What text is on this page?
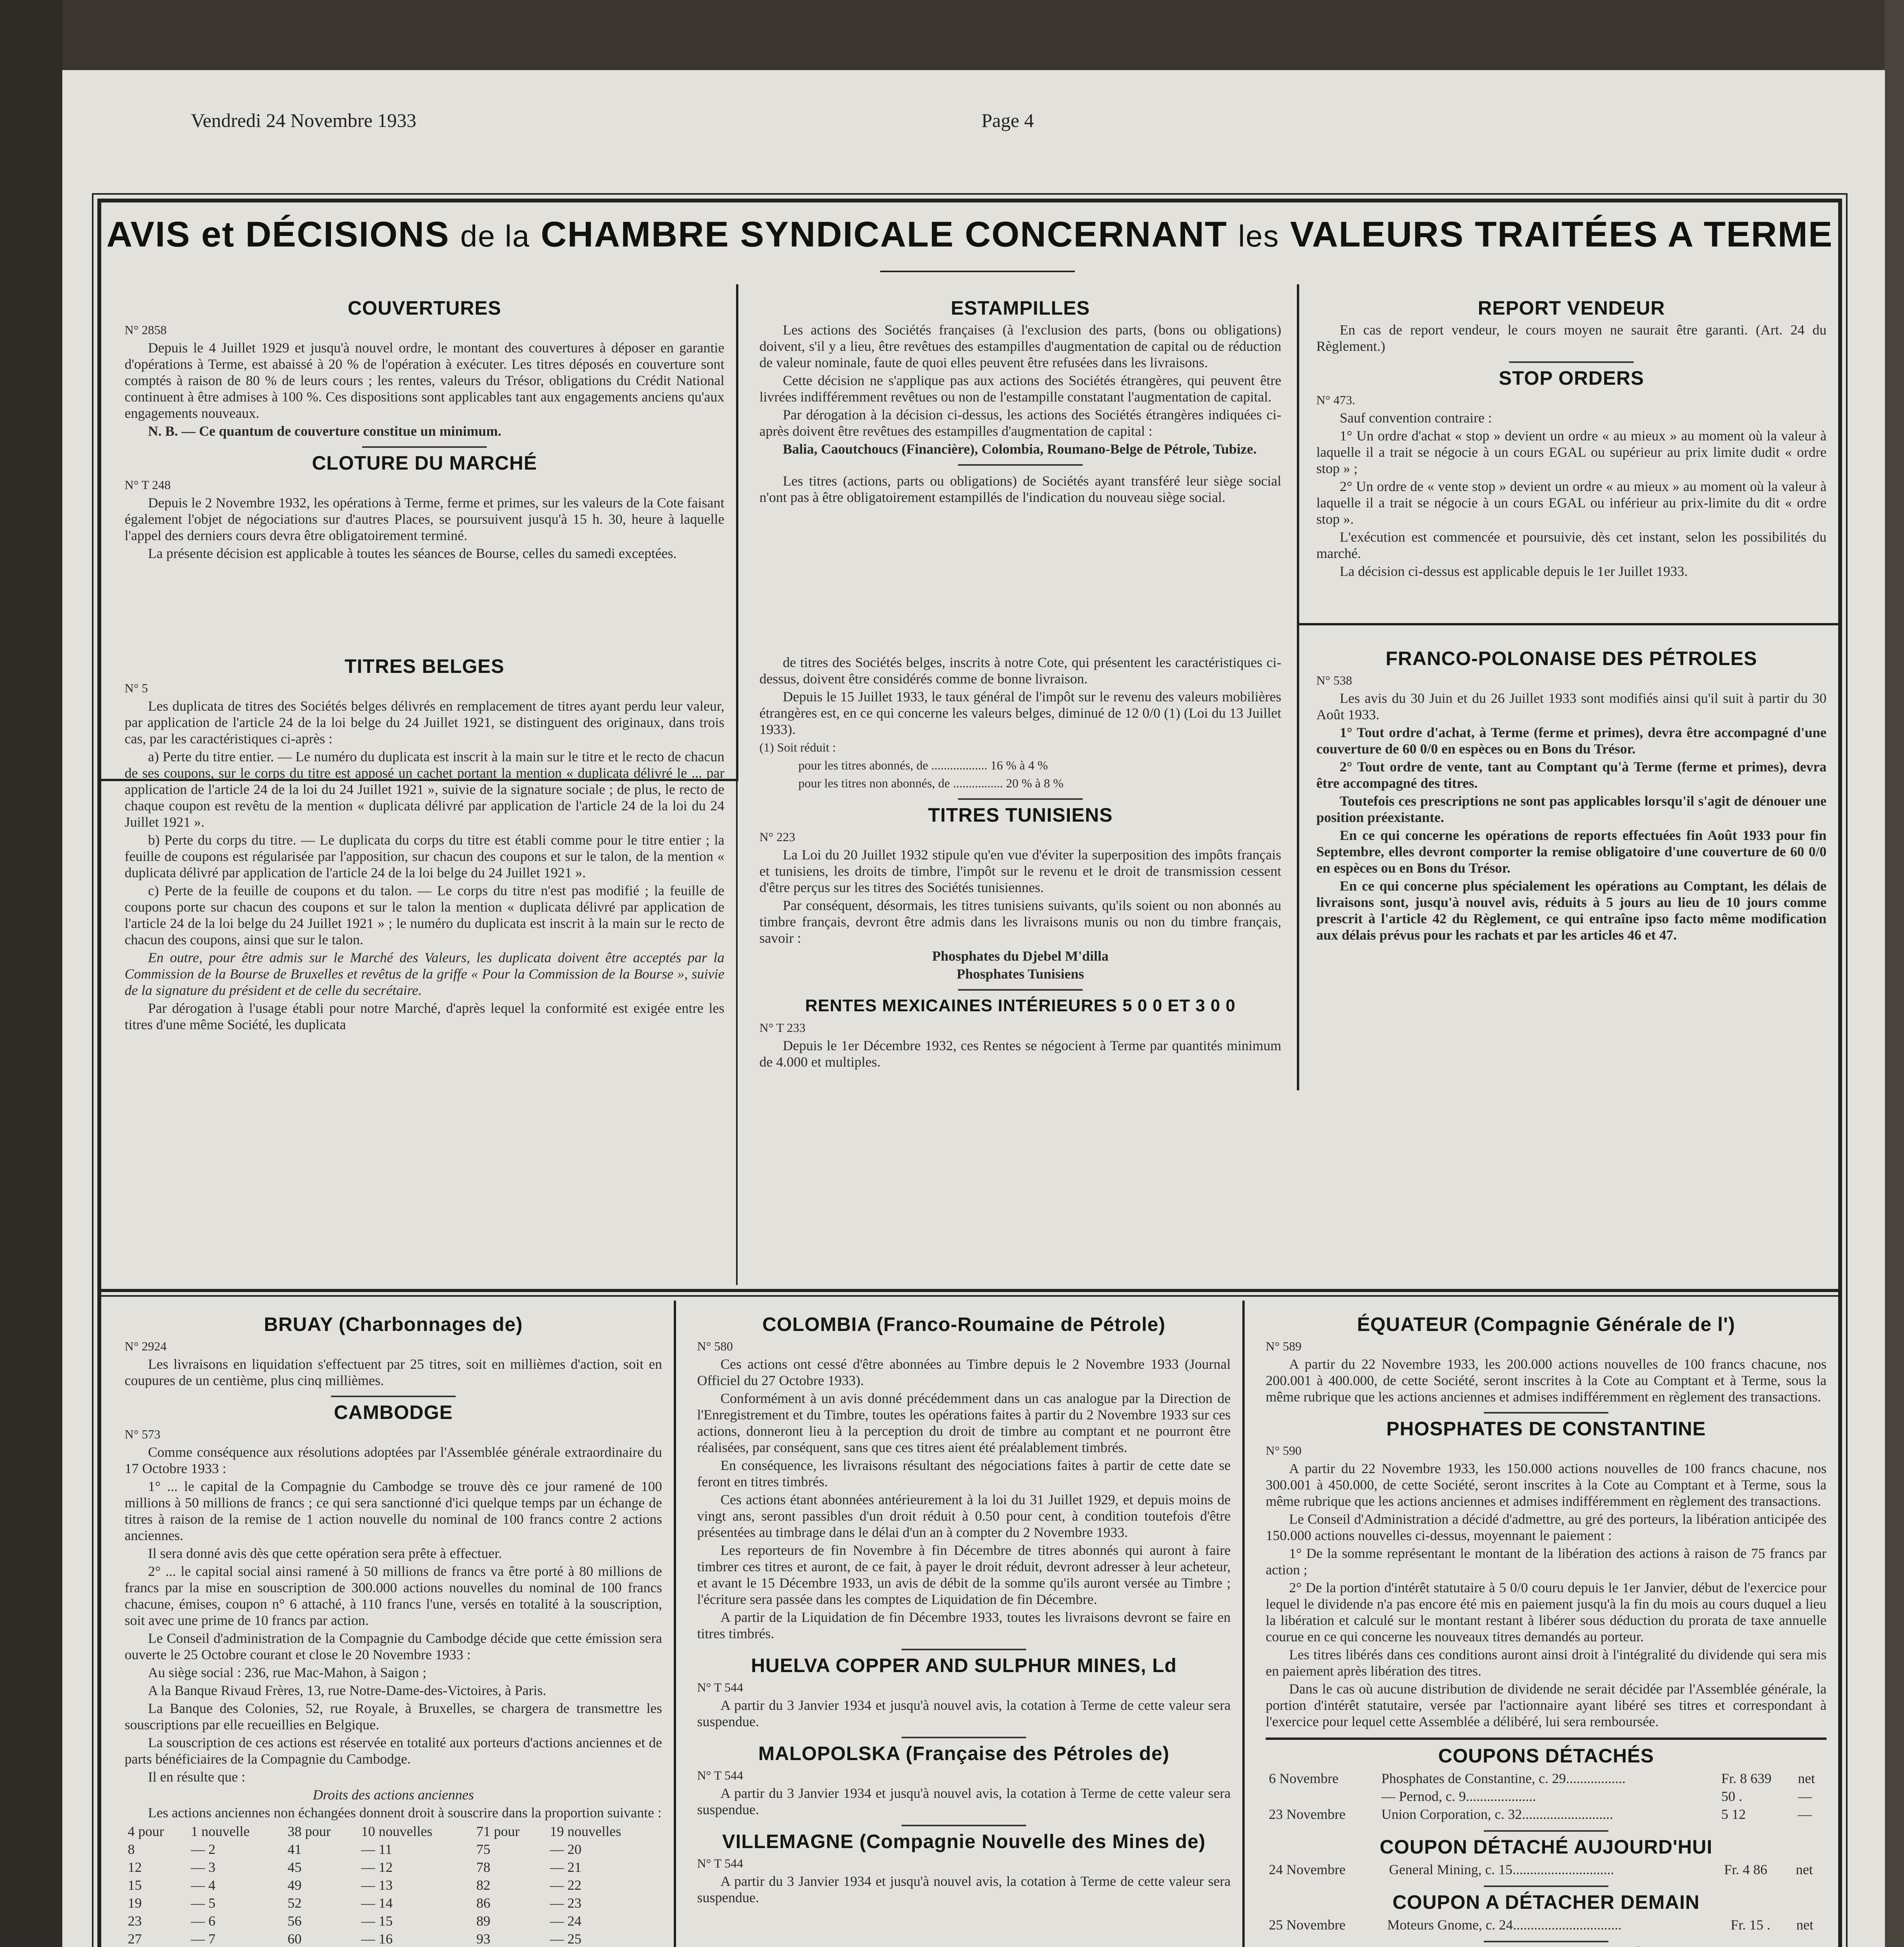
Vendredi 24 Novembre 1933	Page 4
AVIS et DÉCISIONS de la CHAMBRE SYNDICALE CONCERNANT les VALEURS TRAITÉES A TERME
COUVERTURES

N° 2858

Depuis le 4 Juillet 1929 et jusqu'à nouvel ordre, le montant des couvertures à déposer en garantie d'opérations à Terme, est abaissé à 20 % de l'opération à exécuter. Les titres déposés en couverture sont comptés à raison de 80 % de leurs cours ; les rentes, valeurs du Trésor, obligations du Crédit National continuent à être admises à 100 %. Ces dispositions sont applicables tant aux engagements anciens qu'aux engagements nouveaux.

N. B. — Ce quantum de couverture constitue un minimum.

CLOTURE DU MARCHÉ

N° T 248

Depuis le 2 Novembre 1932, les opérations à Terme, ferme et primes, sur les valeurs de la Cote faisant également l'objet de négociations sur d'autres Places, se poursuivent jusqu'à 15 h. 30, heure à laquelle l'appel des derniers cours devra être obligatoirement terminé.

La présente décision est applicable à toutes les séances de Bourse, celles du samedi exceptées.

ESTAMPILLES

Les actions des Sociétés françaises (à l'exclusion des parts, (bons ou obligations) doivent, s'il y a lieu, être revêtues des estampilles d'augmentation de capital ou de réduction de valeur nominale, faute de quoi elles peuvent être refusées dans les livraisons.

Cette décision ne s'applique pas aux actions des Sociétés étrangères, qui peuvent être livrées indifféremment revêtues ou non de l'estampille constatant l'augmentation de capital.

Par dérogation à la décision ci-dessus, les actions des Sociétés étrangères indiquées ci-après doivent être revêtues des estampilles d'augmentation de capital :

Balia, Caoutchoucs (Financière), Colombia, Roumano-Belge de Pétrole, Tubize.

Les titres (actions, parts ou obligations) de Sociétés ayant transféré leur siège social n'ont pas à être obligatoirement estampillés de l'indication du nouveau siège social.

REPORT VENDEUR

En cas de report vendeur, le cours moyen ne saurait être garanti. (Art. 24 du Règlement.)

STOP ORDERS

N° 473.

Sauf convention contraire :

1° Un ordre d'achat « stop » devient un ordre « au mieux » au moment où la valeur à laquelle il a trait se négocie à un cours EGAL ou supérieur au prix limite dudit « ordre stop » ;

2° Un ordre de « vente stop » devient un ordre « au mieux » au moment où la valeur à laquelle il a trait se négocie à un cours EGAL ou inférieur au prix-limite du dit « ordre stop ».

L'exécution est commencée et poursuivie, dès cet instant, selon les possibilités du marché.

La décision ci-dessus est applicable depuis le 1er Juillet 1933.

TITRES BELGES

N° 5

Les duplicata de titres des Sociétés belges délivrés en remplacement de titres ayant perdu leur valeur, par application de l'article 24 de la loi belge du 24 Juillet 1921, se distinguent des originaux, dans trois cas, par les caractéristiques ci-après :

a) Perte du titre entier. — Le numéro du duplicata est inscrit à la main sur le titre et le recto de chacun de ses coupons, sur le corps du titre est apposé un cachet portant la mention « duplicata délivré le ... par application de l'article 24 de la loi du 24 Juillet 1921 », suivie de la signature sociale ; de plus, le recto de chaque coupon est revêtu de la mention « duplicata délivré par application de l'article 24 de la loi du 24 Juillet 1921 ».

b) Perte du corps du titre. — Le duplicata du corps du titre est établi comme pour le titre entier ; la feuille de coupons est régularisée par l'apposition, sur chacun des coupons et sur le talon, de la mention « duplicata délivré par application de l'article 24 de la loi belge du 24 Juillet 1921 ».

c) Perte de la feuille de coupons et du talon. — Le corps du titre n'est pas modifié ; la feuille de coupons porte sur chacun des coupons et sur le talon la mention « duplicata délivré par application de l'article 24 de la loi belge du 24 Juillet 1921 » ; le numéro du duplicata est inscrit à la main sur le recto de chacun des coupons, ainsi que sur le talon.

En outre, pour être admis sur le Marché des Valeurs, les duplicata doivent être acceptés par la Commission de la Bourse de Bruxelles et revêtus de la griffe « Pour la Commission de la Bourse », suivie de la signature du président et de celle du secrétaire.

Par dérogation à l'usage établi pour notre Marché, d'après lequel la conformité est exigée entre les titres d'une même Société, les duplicata

de titres des Sociétés belges, inscrits à notre Cote, qui présentent les caractéristiques ci-dessus, doivent être considérés comme de bonne livraison.

Depuis le 15 Juillet 1933, le taux général de l'impôt sur le revenu des valeurs mobilières étrangères est, en ce qui concerne les valeurs belges, diminué de 12 0/0 (1) (Loi du 13 Juillet 1933).

(1) Soit réduit :

pour les titres abonnés, de .................. 16 % à 4 %

pour les titres non abonnés, de ................ 20 % à 8 %

TITRES TUNISIENS

N° 223

La Loi du 20 Juillet 1932 stipule qu'en vue d'éviter la superposition des impôts français et tunisiens, les droits de timbre, l'impôt sur le revenu et le droit de transmission cessent d'être perçus sur les titres des Sociétés tunisiennes.

Par conséquent, désormais, les titres tunisiens suivants, qu'ils soient ou non abonnés au timbre français, devront être admis dans les livraisons munis ou non du timbre français, savoir :

Phosphates du Djebel M'dilla

Phosphates Tunisiens

RENTES MEXICAINES INTÉRIEURES 5 0 0 ET 3 0 0

N° T 233

Depuis le 1er Décembre 1932, ces Rentes se négocient à Terme par quantités minimum de 4.000 et multiples.

FRANCO-POLONAISE DES PÉTROLES

N° 538

Les avis du 30 Juin et du 26 Juillet 1933 sont modifiés ainsi qu'il suit à partir du 30 Août 1933.

1° Tout ordre d'achat, à Terme (ferme et primes), devra être accompagné d'une couverture de 60 0/0 en espèces ou en Bons du Trésor.

2° Tout ordre de vente, tant au Comptant qu'à Terme (ferme et primes), devra être accompagné des titres.

Toutefois ces prescriptions ne sont pas applicables lorsqu'il s'agit de dénouer une position préexistante.

En ce qui concerne les opérations de reports effectuées fin Août 1933 pour fin Septembre, elles devront comporter la remise obligatoire d'une couverture de 60 0/0 en espèces ou en Bons du Trésor.

En ce qui concerne plus spécialement les opérations au Comptant, les délais de livraisons sont, jusqu'à nouvel avis, réduits à 5 jours au lieu de 10 jours comme prescrit à l'article 42 du Règlement, ce qui entraîne ipso facto même modification aux délais prévus pour les rachats et par les articles 46 et 47.

BRUAY (Charbonnages de)

N° 2924

Les livraisons en liquidation s'effectuent par 25 titres, soit en millièmes d'action, soit en coupures de un centième, plus cinq millièmes.

CAMBODGE

N° 573

Comme conséquence aux résolutions adoptées par l'Assemblée générale extraordinaire du 17 Octobre 1933 :

1° ... le capital de la Compagnie du Cambodge se trouve dès ce jour ramené de 100 millions à 50 millions de francs ; ce qui sera sanctionné d'ici quelque temps par un échange de titres à raison de la remise de 1 action nouvelle du nominal de 100 francs contre 2 actions anciennes.

Il sera donné avis dès que cette opération sera prête à effectuer.

2° ... le capital social ainsi ramené à 50 millions de francs va être porté à 80 millions de francs par la mise en souscription de 300.000 actions nouvelles du nominal de 100 francs chacune, émises, coupon n° 6 attaché, à 110 francs l'une, versés en totalité à la souscription, soit avec une prime de 10 francs par action.

Le Conseil d'administration de la Compagnie du Cambodge décide que cette émission sera ouverte le 25 Octobre courant et close le 20 Novembre 1933 :

Au siège social : 236, rue Mac-Mahon, à Saigon ;

A la Banque Rivaud Frères, 13, rue Notre-Dame-des-Victoires, à Paris.

La Banque des Colonies, 52, rue Royale, à Bruxelles, se chargera de transmettre les souscriptions par elle recueillies en Belgique.

La souscription de ces actions est réservée en totalité aux porteurs d'actions anciennes et de parts bénéficiaires de la Compagnie du Cambodge.

Il en résulte que :

Droits des actions anciennes

Les actions anciennes non échangées donnent droit à souscrire dans la proportion suivante :

4 pour	1 nouvelle	38 pour	10 nouvelles	71 pour	19 nouvelles
8	— 2	41	— 11	75	— 20
12	— 3	45	— 12	78	— 21
15	— 4	49	— 13	82	— 22
19	— 5	52	— 14	86	— 23
23	— 6	56	— 15	89	— 24
27	— 7	60	— 16	93	— 25

COLOMBIA (Franco-Roumaine de Pétrole)

N° 580

Ces actions ont cessé d'être abonnées au Timbre depuis le 2 Novembre 1933 (Journal Officiel du 27 Octobre 1933).

Conformément à un avis donné précédemment dans un cas analogue par la Direction de l'Enregistrement et du Timbre, toutes les opérations faites à partir du 2 Novembre 1933 sur ces actions, donneront lieu à la perception du droit de timbre au comptant et ne pourront être réalisées, par conséquent, sans que ces titres aient été préalablement timbrés.

En conséquence, les livraisons résultant des négociations faites à partir de cette date se feront en titres timbrés.

Ces actions étant abonnées antérieurement à la loi du 31 Juillet 1929, et depuis moins de vingt ans, seront passibles d'un droit réduit à 0.50 pour cent, à condition toutefois d'être présentées au timbrage dans le délai d'un an à compter du 2 Novembre 1933.

Les reporteurs de fin Novembre à fin Décembre de titres abonnés qui auront à faire timbrer ces titres et auront, de ce fait, à payer le droit réduit, devront adresser à leur acheteur, et avant le 15 Décembre 1933, un avis de débit de la somme qu'ils auront versée au Timbre ; l'écriture sera passée dans les comptes de Liquidation de fin Décembre.

A partir de la Liquidation de fin Décembre 1933, toutes les livraisons devront se faire en titres timbrés.

HUELVA COPPER AND SULPHUR MINES, Ld

N° T 544

A partir du 3 Janvier 1934 et jusqu'à nouvel avis, la cotation à Terme de cette valeur sera suspendue.

MALOPOLSKA (Française des Pétroles de)

N° T 544

A partir du 3 Janvier 1934 et jusqu'à nouvel avis, la cotation à Terme de cette valeur sera suspendue.

VILLEMAGNE (Compagnie Nouvelle des Mines de)

N° T 544

A partir du 3 Janvier 1934 et jusqu'à nouvel avis, la cotation à Terme de cette valeur sera suspendue.

ÉQUATEUR (Compagnie Générale de l')

N° 589

A partir du 22 Novembre 1933, les 200.000 actions nouvelles de 100 francs chacune, nos 200.001 à 400.000, de cette Société, seront inscrites à la Cote au Comptant et à Terme, sous la même rubrique que les actions anciennes et admises indifféremment en règlement des transactions.

PHOSPHATES DE CONSTANTINE

N° 590

A partir du 22 Novembre 1933, les 150.000 actions nouvelles de 100 francs chacune, nos 300.001 à 450.000, de cette Société, seront inscrites à la Cote au Comptant et à Terme, sous la même rubrique que les actions anciennes et admises indifféremment en règlement des transactions.

Le Conseil d'Administration a décidé d'admettre, au gré des porteurs, la libération anticipée des 150.000 actions nouvelles ci-dessus, moyennant le paiement :

1° De la somme représentant le montant de la libération des actions à raison de 75 francs par action ;

2° De la portion d'intérêt statutaire à 5 0/0 couru depuis le 1er Janvier, début de l'exercice pour lequel le dividende n'a pas encore été mis en paiement jusqu'à la fin du mois au cours duquel a lieu la libération et calculé sur le montant restant à libérer sous déduction du prorata de taxe annuelle courue en ce qui concerne les nouveaux titres demandés au porteur.

Les titres libérés dans ces conditions auront ainsi droit à l'intégralité du dividende qui sera mis en paiement après libération des titres.

Dans le cas où aucune distribution de dividende ne serait décidée par l'Assemblée générale, la portion d'intérêt statutaire, versée par l'actionnaire ayant libéré ses titres et correspondant à l'exercice pour lequel cette Assemblée a délibéré, lui sera remboursée.

COUPONS DÉTACHÉS
6 Novembre	Phosphates de Constantine, c. 29.................	Fr. 8 639	net
	— Pernod, c. 9....................	50 .	—
23 Novembre	Union Corporation, c. 32..........................	5 12	—
COUPON DÉTACHÉ AUJOURD'HUI
24 Novembre	General Mining, c. 15.............................	Fr. 4 86	net
COUPON A DÉTACHER DEMAIN
25 Novembre	Moteurs Gnome, c. 24...............................	Fr. 15 .	net
